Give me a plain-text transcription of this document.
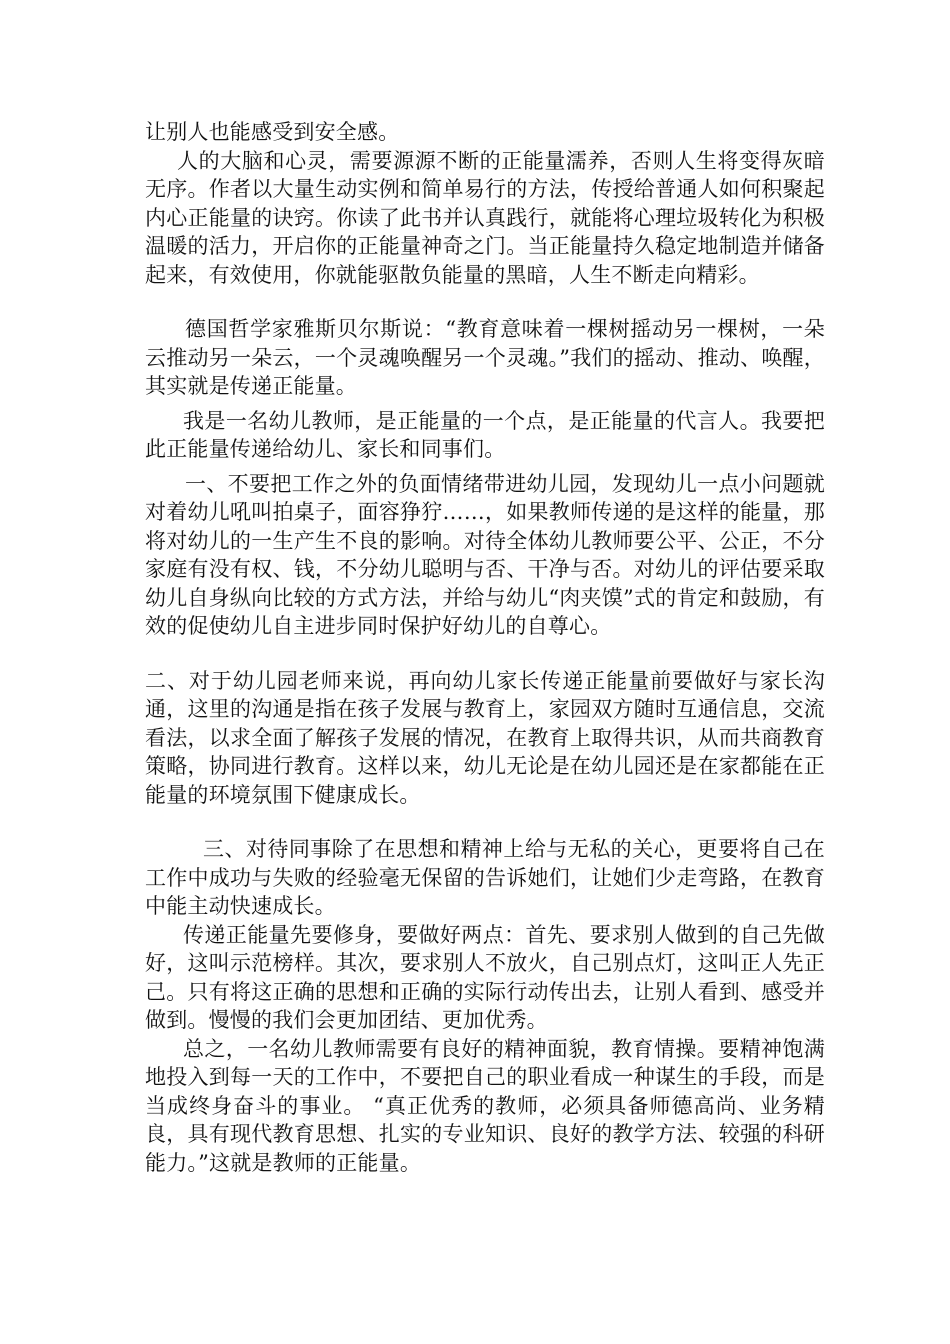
让别人也能感受到安全感。

人的大脑和心灵，需要源源不断的正能量濡养，否则人生将变得灰暗无序。作者以大量生动实例和简单易行的方法，传授给普通人如何积聚起内心正能量的诀窍。你读了此书并认真践行，就能将心理垃圾转化为积极温暖的活力，开启你的正能量神奇之门。当正能量持久稳定地制造并储备起来，有效使用，你就能驱散负能量的黑暗，人生不断走向精彩。

德国哲学家雅斯贝尔斯说：“教育意味着一棵树摇动另一棵树，一朵云推动另一朵云，一个灵魂唤醒另一个灵魂。”我们的摇动、推动、唤醒，其实就是传递正能量。

我是一名幼儿教师，是正能量的一个点，是正能量的代言人。我要把此正能量传递给幼儿、家长和同事们。

一、不要把工作之外的负面情绪带进幼儿园，发现幼儿一点小问题就对着幼儿吼叫拍桌子，面容狰狞……，如果教师传递的是这样的能量，那将对幼儿的一生产生不良的影响。对待全体幼儿教师要公平、公正，不分家庭有没有权、钱，不分幼儿聪明与否、干净与否。对幼儿的评估要采取幼儿自身纵向比较的方式方法，并给与幼儿“肉夹馍”式的肯定和鼓励，有效的促使幼儿自主进步同时保护好幼儿的自尊心。

二、对于幼儿园老师来说，再向幼儿家长传递正能量前要做好与家长沟通，这里的沟通是指在孩子发展与教育上，家园双方随时互通信息，交流看法，以求全面了解孩子发展的情况，在教育上取得共识，从而共商教育策略，协同进行教育。这样以来，幼儿无论是在幼儿园还是在家都能在正能量的环境氛围下健康成长。

三、对待同事除了在思想和精神上给与无私的关心，更要将自己在工作中成功与失败的经验毫无保留的告诉她们，让她们少走弯路，在教育中能主动快速成长。

传递正能量先要修身，要做好两点：首先、要求别人做到的自己先做好，这叫示范榜样。其次，要求别人不放火，自己别点灯，这叫正人先正己。只有将这正确的思想和正确的实际行动传出去，让别人看到、感受并做到。慢慢的我们会更加团结、更加优秀。

总之，一名幼儿教师需要有良好的精神面貌，教育情操。要精神饱满地投入到每一天的工作中，不要把自己的职业看成一种谋生的手段，而是当成终身奋斗的事业。 “真正优秀的教师，必须具备师德高尚、业务精良，具有现代教育思想、扎实的专业知识、良好的教学方法、较强的科研能力。”这就是教师的正能量。
